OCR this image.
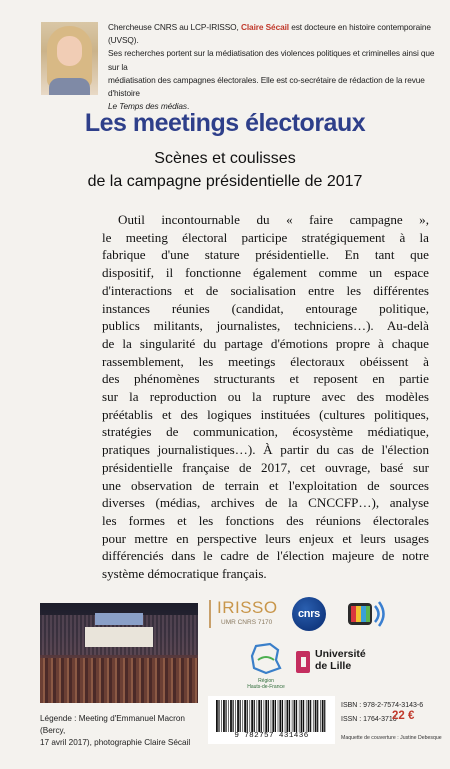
Chercheuse CNRS au LCP-IRISSO, Claire Sécail est docteure en histoire contemporaine (UVSQ).
Ses recherches portent sur la médiatisation des violences politiques et criminelles ainsi que sur la
médiatisation des campagnes électorales. Elle est co-secrétaire de rédaction de la revue d'histoire
Le Temps des médias.
Les meetings électoraux
Scènes et coulisses
de la campagne présidentielle de 2017
Outil incontournable du « faire campagne »,
le meeting électoral participe stratégiquement à la
fabrique d'une stature présidentielle. En tant que
dispositif, il fonctionne également comme un espace
d'interactions et de socialisation entre les différentes
instances réunies (candidat, entourage politique,
publics militants, journalistes, techniciens…). Au-delà
de la singularité du partage d'émotions propre à chaque
rassemblement, les meetings électoraux obéissent à
des phénomènes structurants et reposent en partie
sur la reproduction ou la rupture avec des modèles
préétablis et des logiques instituées (cultures politiques,
stratégies de communication, écosystème médiatique,
pratiques journalistiques…). À partir du cas de l'élection
présidentielle française de 2017, cet ouvrage, basé sur
une observation de terrain et l'exploitation de sources
diverses (médias, archives de la CNCCFP…), analyse
les formes et les fonctions des réunions électorales
pour mettre en perspective leurs enjeux et leurs usages
différenciés dans le cadre de l'élection majeure de notre
système démocratique français.
Légende : Meeting d'Emmanuel Macron (Bercy,
17 avril 2017), photographie Claire Sécail
IRISSO
UMR CNRS 7170
cnrs
Région
Hauts-de-France
Université
de Lille
9 782757 431436
ISBN : 978-2-7574-3143-6
ISSN : 1764-3716
22 €
Maquette de couverture : Justine Debesque
